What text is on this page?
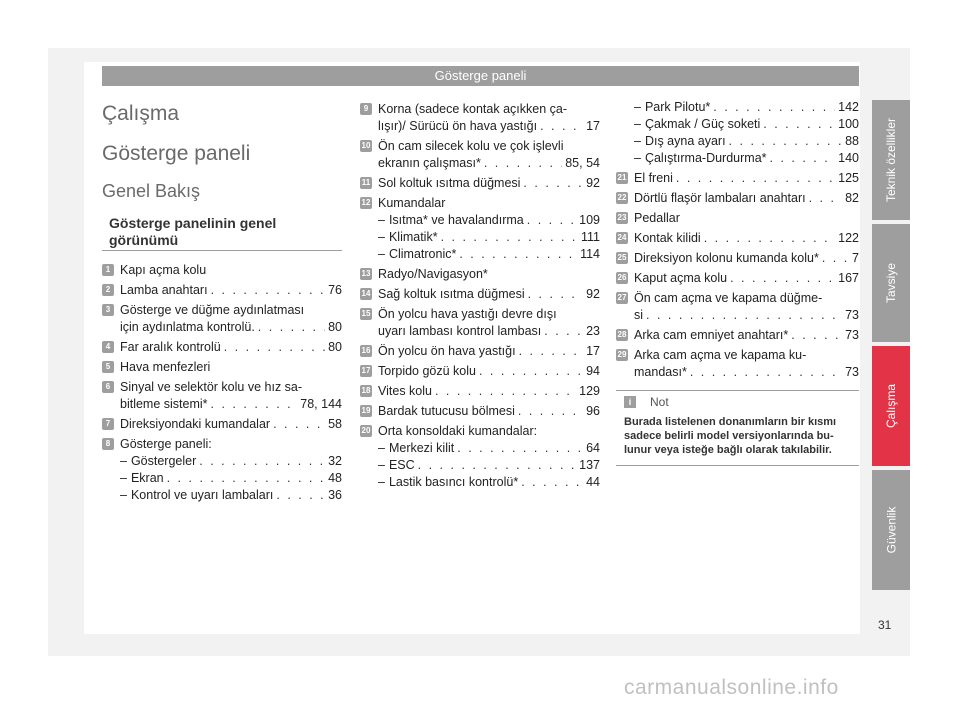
Gösterge paneli
Çalışma
Gösterge paneli
Genel Bakış
Gösterge panelinin genel görünümü
1 Kapı açma kolu
2 Lamba anahtarı . . .	76
3 Gösterge ve düğme aydınlatması
için aydınlatma kontrolü. . . .	80
4 Far aralık kontrolü . . .	80
5 Hava menfezleri
6 Sinyal ve selektör kolu ve hız sa-
bitleme sistemi* . . .	78, 144
7 Direksiyondaki kumandalar . . .	58
8 Gösterge paneli:
– Göstergeler . . .	32
– Ekran . . .	48
– Kontrol ve uyarı lambaları . . .	36
9 Korna (sadece kontak açıkken ça-
lışır)/ Sürücü ön hava yastığı . . .	17
10 Ön cam silecek kolu ve çok işlevli
ekranın çalışması* . . .	85, 54
11 Sol koltuk ısıtma düğmesi . . .	92
12 Kumandalar
– Isıtma* ve havalandırma . . .	109
– Klimatik* . . .	111
– Climatronic* . . .	114
13 Radyo/Navigasyon*
14 Sağ koltuk ısıtma düğmesi . . .	92
15 Ön yolcu hava yastığı devre dışı
uyarı lambası kontrol lambası . . .	23
16 Ön yolcu ön hava yastığı . . .	17
17 Torpido gözü kolu . . .	94
18 Vites kolu . . .	129
19 Bardak tutucusu bölmesi . . .	96
20 Orta konsoldaki kumandalar:
– Merkezi kilit . . .	64
– ESC . . .	137
– Lastik basıncı kontrolü* . . .	44
– Park Pilotu* . . .	142
– Çakmak / Güç soketi . . .	100
– Dış ayna ayarı . . .	88
– Çalıştırma-Durdurma* . . .	140
21 El freni . . .	125
22 Dörtlü flaşör lambaları anahtarı . . .	82
23 Pedallar
24 Kontak kilidi . . .	122
25 Direksiyon kolonu kumanda kolu* . . .	7
26 Kaput açma kolu . . .	167
27 Ön cam açma ve kapama düğme-
si . . .	73
28 Arka cam emniyet anahtarı* . . .	73
29 Arka cam açma ve kapama ku-
mandası* . . .	73
i	Not
Burada listelenen donanımların bir kısmı sadece belirli model versiyonlarında bu-lunur veya isteğe bağlı olarak takılabilir.
Teknik özellikler
Tavsiye
Çalışma
Güvenlik
31
carmanualsonline.info
